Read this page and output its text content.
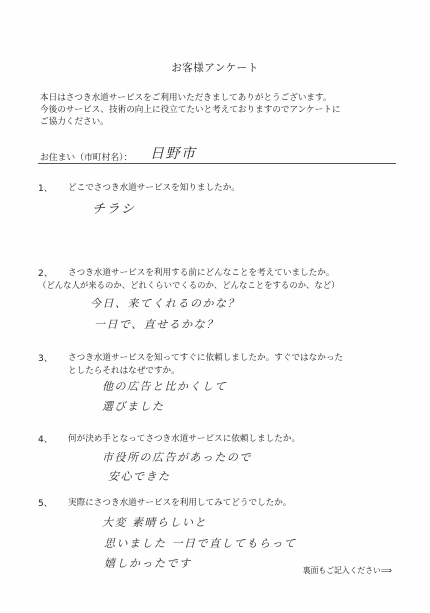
お客様アンケート
本日はさつき水道サービスをご利用いただきましてありがとうございます。
今後のサービス、技術の向上に役立てたいと考えておりますのでアンケートに
ご協力ください。
お住まい（市町村名）： 日野市
1、 どこでさつき水道サービスを知りましたか。
チラシ
2、 さつき水道サービスを利用する前にどんなことを考えていましたか。
（どんな人が来るのか、どれくらいでくるのか、どんなことをするのか、など）
今日、来てくれるのかな？
一日で、直せるかな？
3、 さつき水道サービスを知ってすぐに依頼しましたか。すぐではなかった
としたらそれはなぜですか。
他の広告と比かくして
選びました
4、 何が決め手となってさつき水道サービスに依頼しましたか。
市役所の広告があったので
安心できた
5、 実際にさつき水道サービスを利用してみてどうでしたか。
大変 素晴らしいと
思いました 一日で直してもらって
嬉しかったです
裏面もご記入ください⟹
